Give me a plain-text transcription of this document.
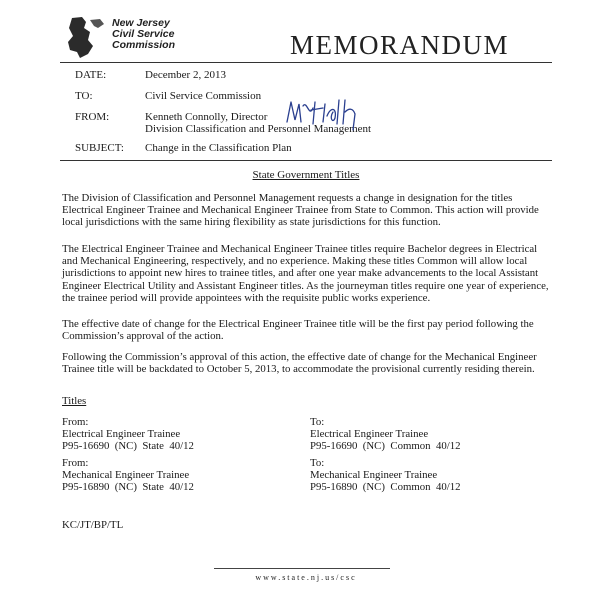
New Jersey
Civil Service
Commission	MEMORANDUM
DATE:	December 2, 2013
TO:	Civil Service Commission
FROM:	Kenneth Connolly, Director
Division Classification and Personnel Management
SUBJECT: Change in the Classification Plan
State Government Titles
The Division of Classification and Personnel Management requests a change in designation for the titles Electrical Engineer Trainee and Mechanical Engineer Trainee from State to Common. This action will provide local jurisdictions with the same hiring flexibility as state jurisdictions for this function.
The Electrical Engineer Trainee and Mechanical Engineer Trainee titles require Bachelor degrees in Electrical and Mechanical Engineering, respectively, and no experience. Making these titles Common will allow local jurisdictions to appoint new hires to trainee titles, and after one year make advancements to the local Assistant Engineer Electrical Utility and Assistant Engineer titles. As the journeyman titles require one year of experience, the trainee period will provide appointees with the requisite public works experience.
The effective date of change for the Electrical Engineer Trainee title will be the first pay period following the Commission’s approval of the action.
Following the Commission’s approval of this action, the effective date of change for the Mechanical Engineer Trainee title will be backdated to October 5, 2013, to accommodate the provisional currently residing therein.
Titles
From:
Electrical Engineer Trainee
P95-16690  (NC)  State  40/12
To:
Electrical Engineer Trainee
P95-16690  (NC)  Common  40/12
From:
Mechanical Engineer Trainee
P95-16890  (NC)  State  40/12
To:
Mechanical Engineer Trainee
P95-16890  (NC)  Common  40/12
KC/JT/BP/TL
www.state.nj.us/csc
